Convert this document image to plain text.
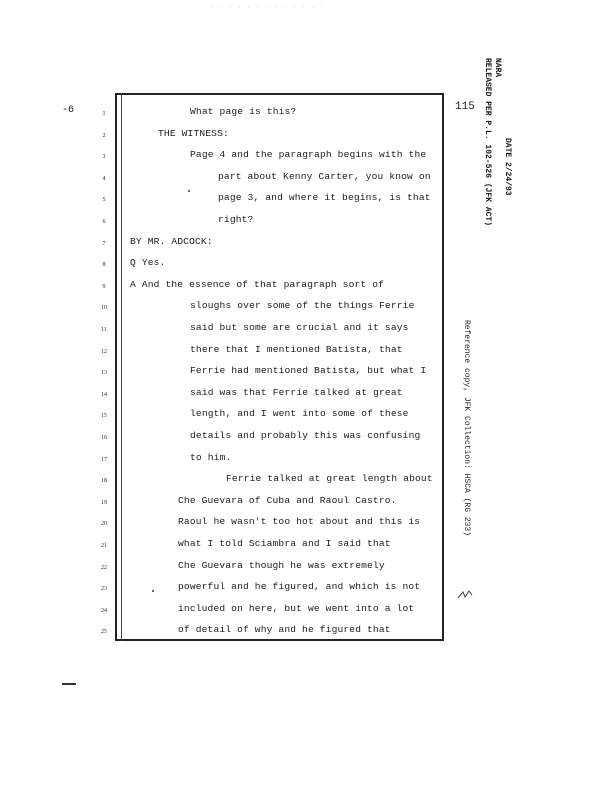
· · · · · · · · · · · · ·
-6	115	RELEASED PER P.L. 102-526 (JFK ACT) NARA
DATE 2/24/93
Reference copy, JFK Collection: HSCA (RG 233)
1	What page is this?
2	THE WITNESS:
3	Page 4 and the paragraph begins with the
4	part about Kenny Carter, you know on
5	page 3, and where it begins, is that
6	right?
7	BY MR. ADCOCK:
8	Q Yes.
9	A And the essence of that paragraph sort of
10	sloughs over some of the things Ferrie
11	said but some are crucial and it says
12	there that I mentioned Batista, that
13	Ferrie had mentioned Batista, but what I
14	said was that Ferrie talked at great
15	length, and I went into some of these
16	details and probably this was confusing
17	to him.
18	Ferrie talked at great length about
19	Che Guevara of Cuba and Raoul Castro.
20	Raoul he wasn't too hot about and this is
21	what I told Sciambra and I said that
22	Che Guevara though he was extremely
23	powerful and he figured, and which is not
24	included on here, but we went into a lot
25	of detail of why and he figured that
